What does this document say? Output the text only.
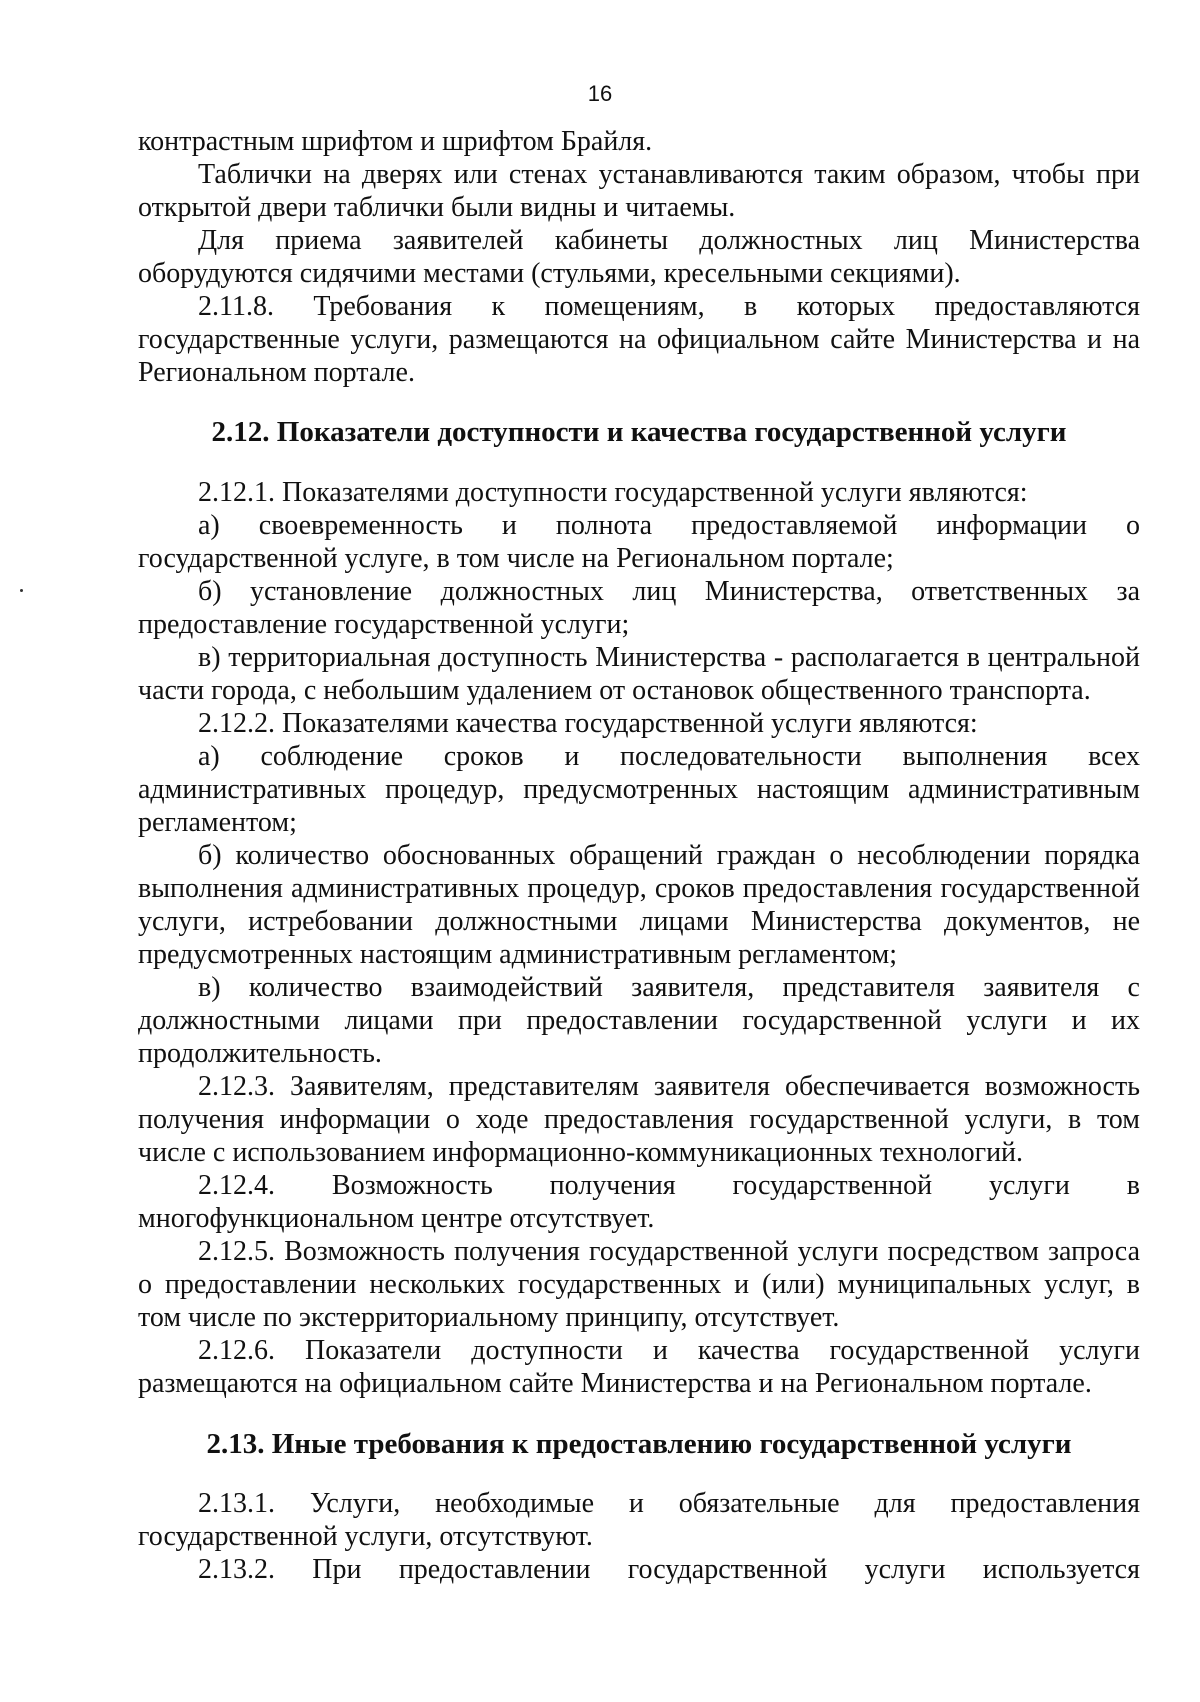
16

контрастным шрифтом и шрифтом Брайля.

Таблички на дверях или стенах устанавливаются таким образом, чтобы при открытой двери таблички были видны и читаемы.

Для приема заявителей кабинеты должностных лиц Министерства оборудуются сидячими местами (стульями, кресельными секциями).

2.11.8. Требования к помещениям, в которых предоставляются государственные услуги, размещаются на официальном сайте Министерства и на Региональном портале.

2.12. Показатели доступности и качества государственной услуги

2.12.1. Показателями доступности государственной услуги являются:

а) своевременность и полнота предоставляемой информации о государственной услуге, в том числе на Региональном портале;

б) установление должностных лиц Министерства, ответственных за предоставление государственной услуги;

в) территориальная доступность Министерства - располагается в центральной части города, с небольшим удалением от остановок общественного транспорта.

2.12.2. Показателями качества государственной услуги являются:

а) соблюдение сроков и последовательности выполнения всех административных процедур, предусмотренных настоящим административным регламентом;

б) количество обоснованных обращений граждан о несоблюдении порядка выполнения административных процедур, сроков предоставления государственной услуги, истребовании должностными лицами Министерства документов, не предусмотренных настоящим административным регламентом;

в) количество взаимодействий заявителя, представителя заявителя с должностными лицами при предоставлении государственной услуги и их продолжительность.

2.12.3. Заявителям, представителям заявителя обеспечивается возможность получения информации о ходе предоставления государственной услуги, в том числе с использованием информационно-коммуникационных технологий.

2.12.4. Возможность получения государственной услуги в многофункциональном центре отсутствует.

2.12.5. Возможность получения государственной услуги посредством запроса о предоставлении нескольких государственных и (или) муниципальных услуг, в том числе по экстерриториальному принципу, отсутствует.

2.12.6. Показатели доступности и качества государственной услуги размещаются на официальном сайте Министерства и на Региональном портале.

2.13. Иные требования к предоставлению государственной услуги

2.13.1. Услуги, необходимые и обязательные для предоставления государственной услуги, отсутствуют.

2.13.2. При предоставлении государственной услуги используется
